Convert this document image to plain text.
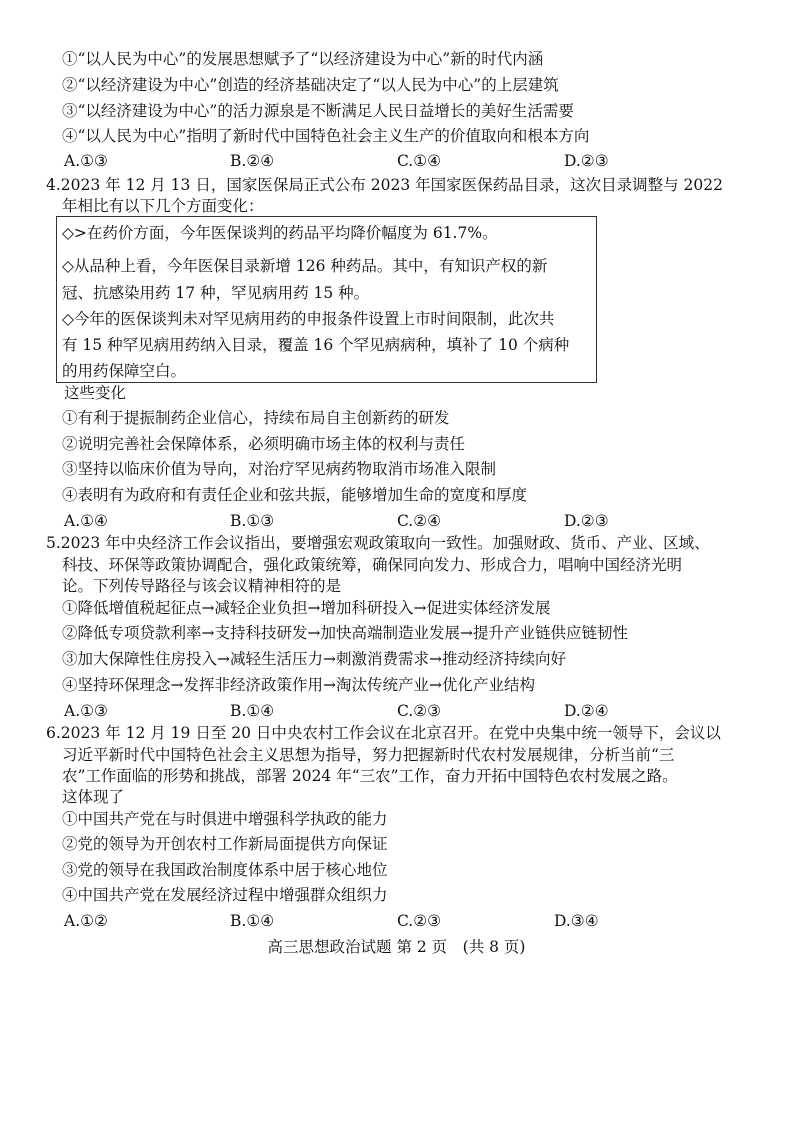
①“以人民为中心”的发展思想赋予了“以经济建设为中心”新的时代内涵
②“以经济建设为中心”创造的经济基础决定了“以人民为中心”的上层建筑
③“以经济建设为中心”的活力源泉是不断满足人民日益增长的美好生活需要
④“以人民为中心”指明了新时代中国特色社会主义生产的价值取向和根本方向
A.①③	B.②④	C.①④	D.②③
4.2023 年 12 月 13 日，国家医保局正式公布 2023 年国家医保药品目录，这次目录调整与 2022
年相比有以下几个方面变化：
◇>在药价方面，今年医保谈判的药品平均降价幅度为 61.7%。
◇从品种上看，今年医保目录新增 126 种药品。其中，有知识产权的新
冠、抗感染用药 17 种，罕见病用药 15 种。
◇今年的医保谈判未对罕见病用药的申报条件设置上市时间限制，此次共
有 15 种罕见病用药纳入目录，覆盖 16 个罕见病病种，填补了 10 个病种
的用药保障空白。
这些变化
①有利于提振制药企业信心，持续布局自主创新药的研发
②说明完善社会保障体系，必须明确市场主体的权利与责任
③坚持以临床价值为导向，对治疗罕见病药物取消市场准入限制
④表明有为政府和有责任企业和弦共振，能够增加生命的宽度和厚度
A.①④	B.①③	C.②④	D.②③
5.2023 年中央经济工作会议指出，要增强宏观政策取向一致性。加强财政、货币、产业、区域、
科技、环保等政策协调配合，强化政策统筹，确保同向发力、形成合力，唱响中国经济光明
论。下列传导路径与该会议精神相符的是
①降低增值税起征点→减轻企业负担→增加科研投入→促进实体经济发展
②降低专项贷款利率→支持科技研发→加快高端制造业发展→提升产业链供应链韧性
③加大保障性住房投入→减轻生活压力→刺激消费需求→推动经济持续向好
④坚持环保理念→发挥非经济政策作用→淘汰传统产业→优化产业结构
A.①③	B.①④	C.②③	D.②④
6.2023 年 12 月 19 日至 20 日中央农村工作会议在北京召开。在党中央集中统一领导下，会议以
习近平新时代中国特色社会主义思想为指导，努力把握新时代农村发展规律，分析当前“三
农”工作面临的形势和挑战，部署 2024 年“三农”工作，奋力开拓中国特色农村发展之路。
这体现了
①中国共产党在与时俱进中增强科学执政的能力
②党的领导为开创农村工作新局面提供方向保证
③党的领导在我国政治制度体系中居于核心地位
④中国共产党在发展经济过程中增强群众组织力
A.①②	B.①④	C.②③	D.③④
高三思想政治试题 第 2 页　(共 8 页)
